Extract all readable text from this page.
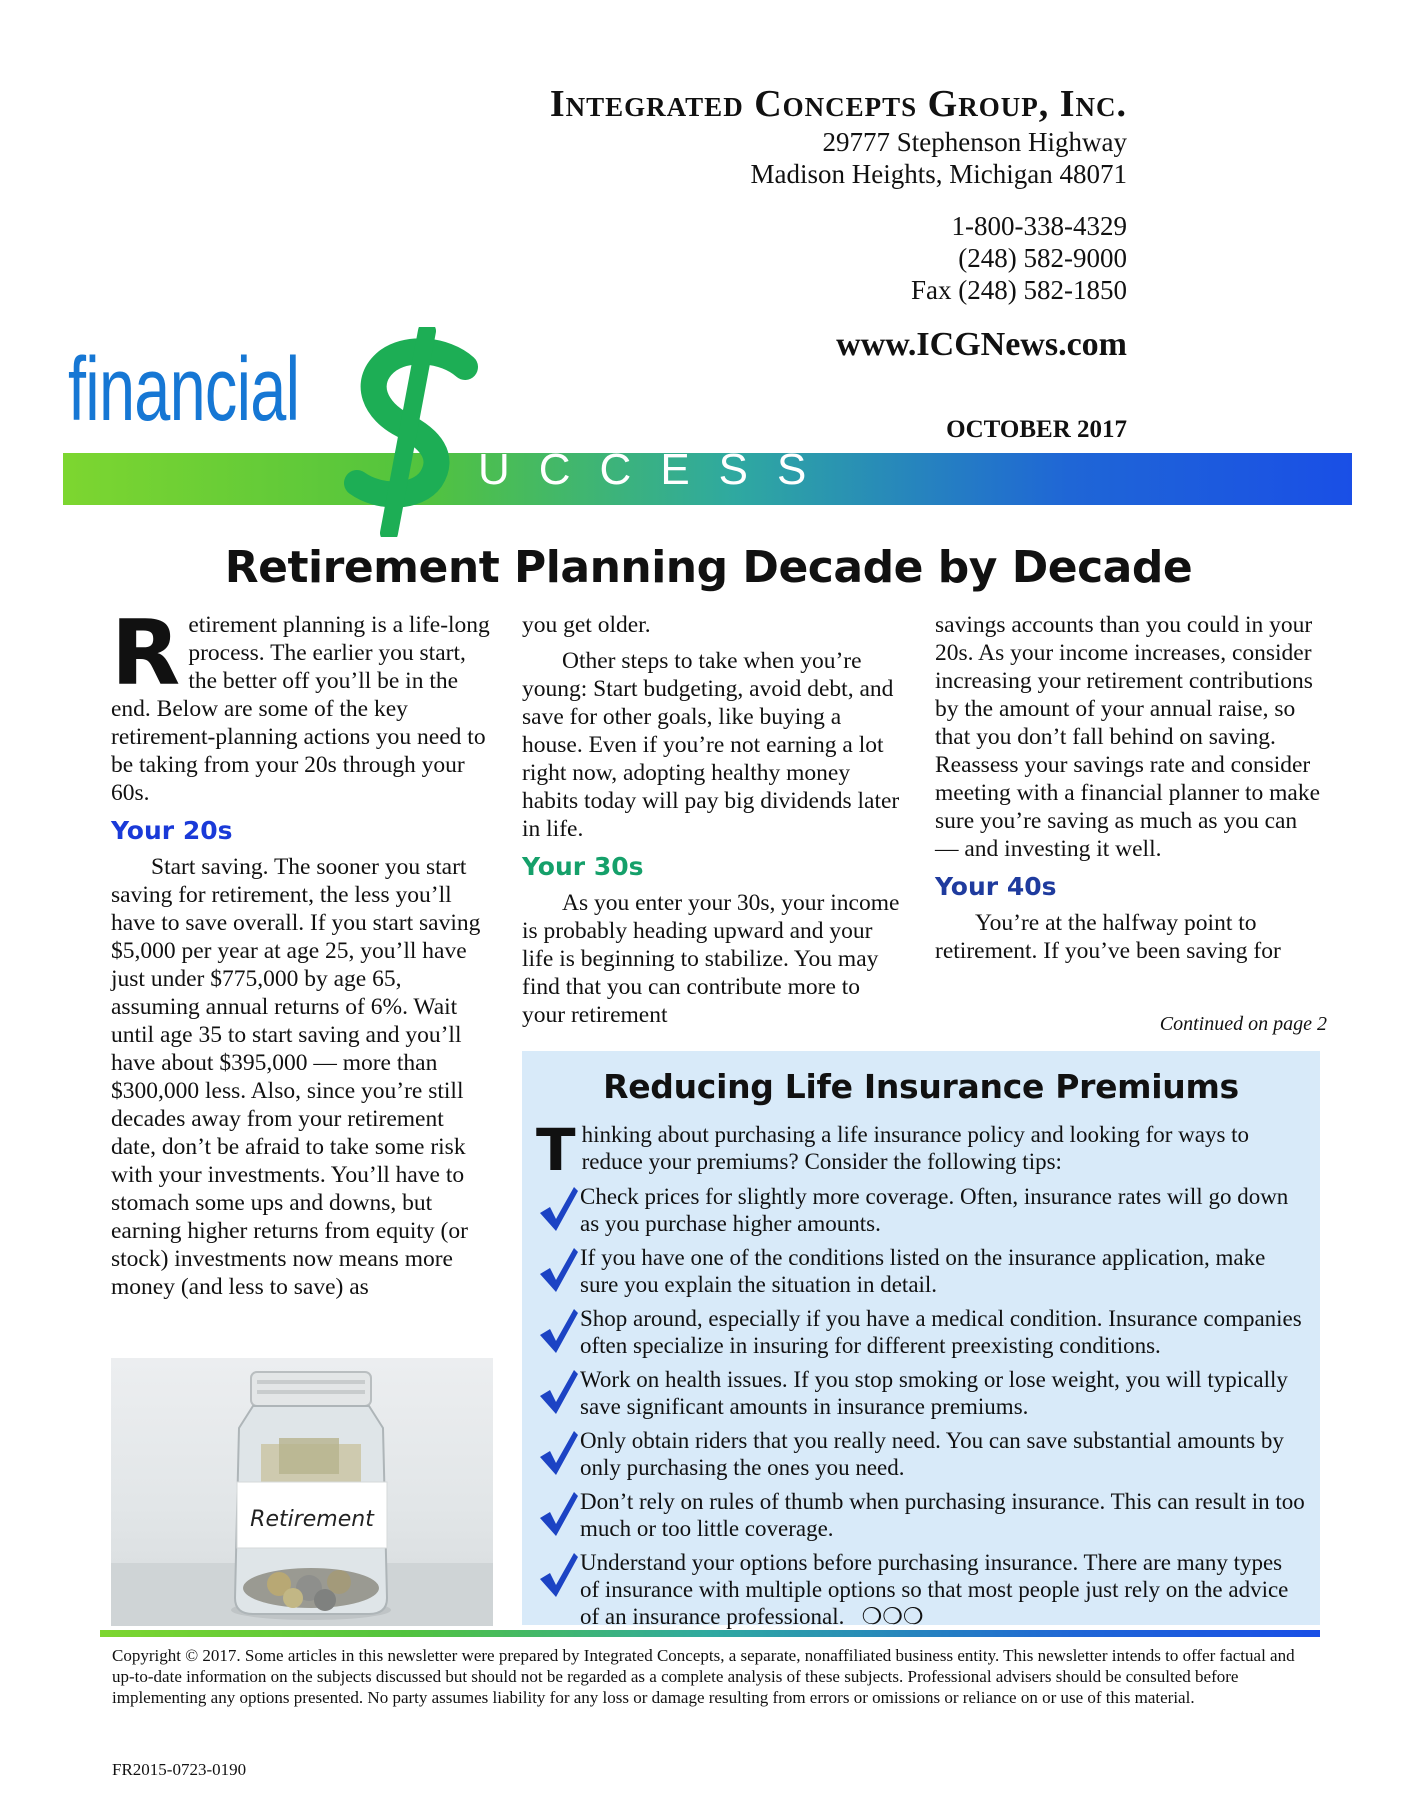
Integrated Concepts Group, Inc.
29777 Stephenson Highway
Madison Heights, Michigan 48071
1-800-338-4329
(248) 582-9000
Fax (248) 582-1850
www.ICGNews.com
OCTOBER 2017
financial
UCCESS
Retirement Planning Decade by Decade

Retirement planning is a life-long process. The earlier you start, the better off you’ll be in the end. Below are some of the key retirement-planning actions you need to be taking from your 20s through your 60s.

Your 20s

Start saving. The sooner you start saving for retirement, the less you’ll have to save overall. If you start saving $5,000 per year at age 25, you’ll have just under $775,000 by age 65, assuming annual returns of 6%. Wait until age 35 to start saving and you’ll have about $395,000 — more than $300,000 less. Also, since you’re still decades away from your retirement date, don’t be afraid to take some risk with your investments. You’ll have to stomach some ups and downs, but earning higher returns from equity (or stock) investments now means more money (and less to save) as

you get older.

Other steps to take when you’re young: Start budgeting, avoid debt, and save for other goals, like buying a house. Even if you’re not earning a lot right now, adopting healthy money habits today will pay big dividends later in life.

Your 30s

As you enter your 30s, your income is probably heading upward and your life is beginning to stabilize. You may find that you can contribute more to your retirement

savings accounts than you could in your 20s. As your income increases, consider increasing your retirement contributions by the amount of your annual raise, so that you don’t fall behind on saving. Reassess your savings rate and consider meeting with a financial planner to make sure you’re saving as much as you can — and investing it well.

Your 40s

You’re at the halfway point to retirement. If you’ve been saving for

Continued on page 2
Retirement
Reducing Life Insurance Premiums
Thinking about purchasing a life insurance policy and looking for ways to reduce your premiums? Consider the following tips:
Check prices for slightly more coverage. Often, insurance rates will go down as you purchase higher amounts.
If you have one of the conditions listed on the insurance application, make sure you explain the situation in detail.
Shop around, especially if you have a medical condition. Insurance companies often specialize in insuring for different preexisting conditions.
Work on health issues. If you stop smoking or lose weight, you will typically save significant amounts in insurance premiums.
Only obtain riders that you really need. You can save substantial amounts by only purchasing the ones you need.
Don’t rely on rules of thumb when purchasing insurance. This can result in too much or too little coverage.
Understand your options before purchasing insurance. There are many types of insurance with multiple options so that most people just rely on the advice of an insurance professional. ❍❍❍
Copyright © 2017. Some articles in this newsletter were prepared by Integrated Concepts, a separate, nonaffiliated business entity. This newsletter intends to offer factual and up-to-date information on the subjects discussed but should not be regarded as a complete analysis of these subjects. Professional advisers should be consulted before implementing any options presented. No party assumes liability for any loss or damage resulting from errors or omissions or reliance on or use of this material.
FR2015-0723-0190
